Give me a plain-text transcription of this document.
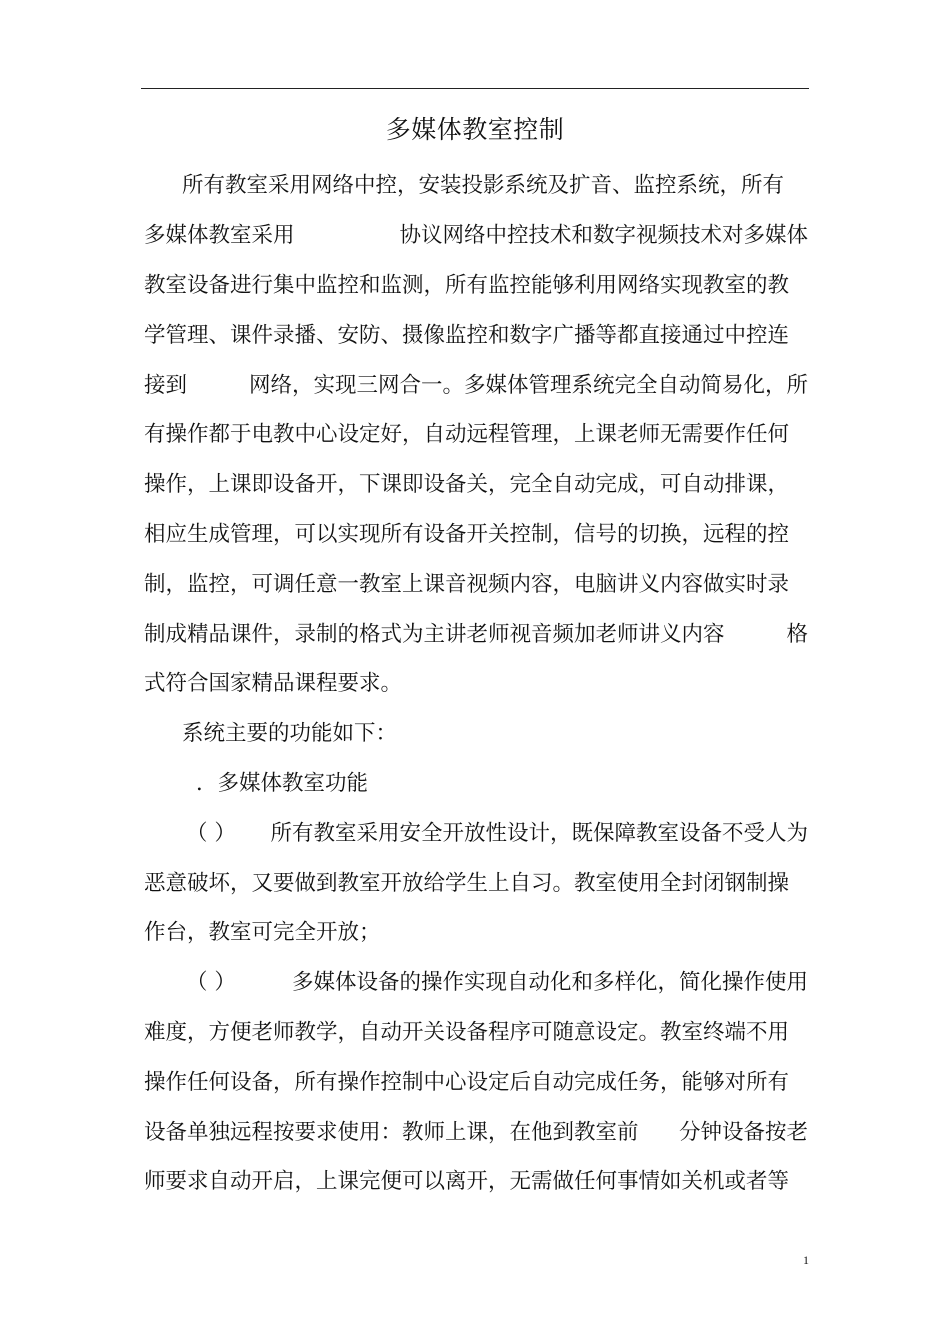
多媒体教室控制
所有教室采用网络中控，安装投影系统及扩音、监控系统，所有
多媒体教室采用	协议网络中控技术和数字视频技术对多媒体
教室设备进行集中监控和监测，所有监控能够利用网络实现教室的教
学管理、课件录播、安防、摄像监控和数字广播等都直接通过中控连
接到	网络，实现三网合一。多媒体管理系统完全自动简易化，所
有操作都于电教中心设定好，自动远程管理，上课老师无需要作任何
操作，上课即设备开，下课即设备关，完全自动完成，可自动排课，
相应生成管理，可以实现所有设备开关控制，信号的切换，远程的控
制，监控，可调任意一教室上课音视频内容，电脑讲义内容做实时录
制成精品课件，录制的格式为主讲老师视音频加老师讲义内容	格
式符合国家精品课程要求。
系统主要的功能如下：
．多媒体教室功能
（ ） 所有教室采用安全开放性设计，既保障教室设备不受人为
恶意破坏，又要做到教室开放给学生上自习。教室使用全封闭钢制操
作台，教室可完全开放；
（ ）	多媒体设备的操作实现自动化和多样化，简化操作使用
难度，方便老师教学，自动开关设备程序可随意设定。教室终端不用
操作任何设备，所有操作控制中心设定后自动完成任务，能够对所有
设备单独远程按要求使用：教师上课，在他到教室前 分钟设备按老
师要求自动开启，上课完便可以离开，无需做任何事情如关机或者等
1
